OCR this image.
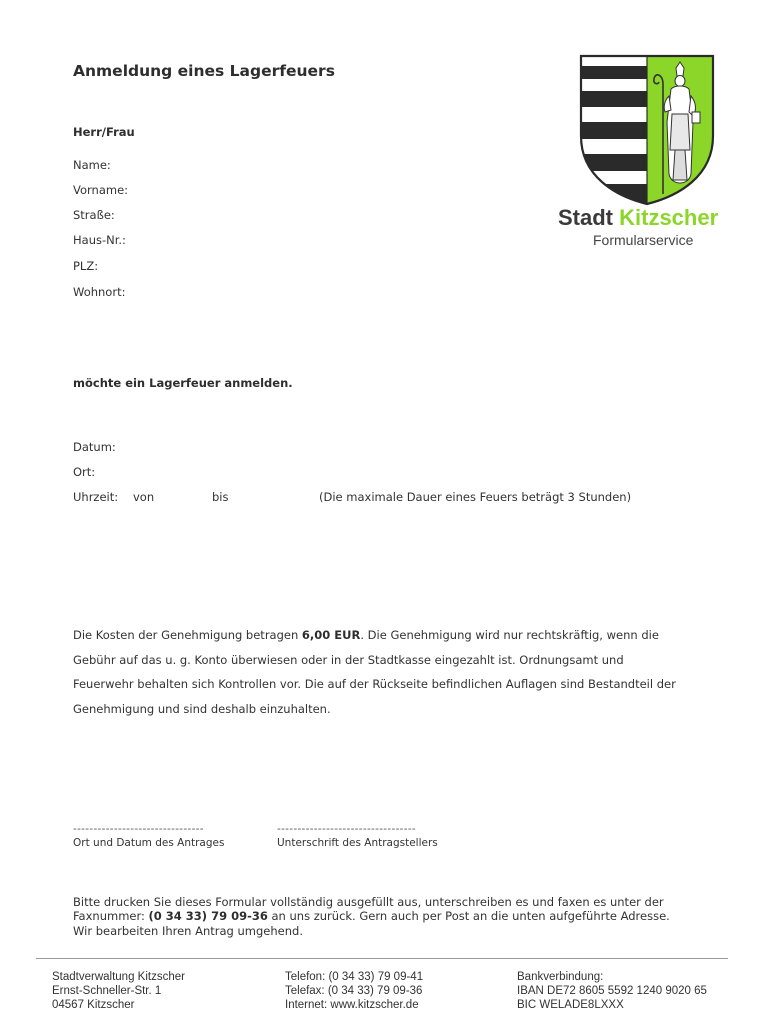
Anmeldung eines Lagerfeuers
Herr/Frau
Name:
Vorname:
Straße:
Haus-Nr.:
PLZ:
Wohnort:
möchte ein Lagerfeuer anmelden.
Datum:
Ort:
Uhrzeit: von	bis	(Die maximale Dauer eines Feuers beträgt 3 Stunden)
Die Kosten der Genehmigung betragen 6,00 EUR. Die Genehmigung wird nur rechtskräftig, wenn die Gebühr auf das u. g. Konto überwiesen oder in der Stadtkasse eingezahlt ist. Ordnungsamt und Feuerwehr behalten sich Kontrollen vor. Die auf der Rückseite befindlichen Auflagen sind Bestandteil der Genehmigung und sind deshalb einzuhalten.
--------------------------------
Ort und Datum des Antrages
----------------------------------
Unterschrift des Antragstellers
Bitte drucken Sie dieses Formular vollständig ausgefüllt aus, unterschreiben es und faxen es unter der
Faxnummer: (0 34 33) 79 09-36 an uns zurück. Gern auch per Post an die unten aufgeführte Adresse.
Wir bearbeiten Ihren Antrag umgehend.
Stadt Kitzscher
Formularservice
Stadtverwaltung Kitzscher
Ernst-Schneller-Str. 1
04567 Kitzscher
Telefon: (0 34 33) 79 09-41
Telefax: (0 34 33) 79 09-36
Internet: www.kitzscher.de
Bankverbindung:
IBAN DE72 8605 5592 1240 9020 65
BIC WELADE8LXXX
